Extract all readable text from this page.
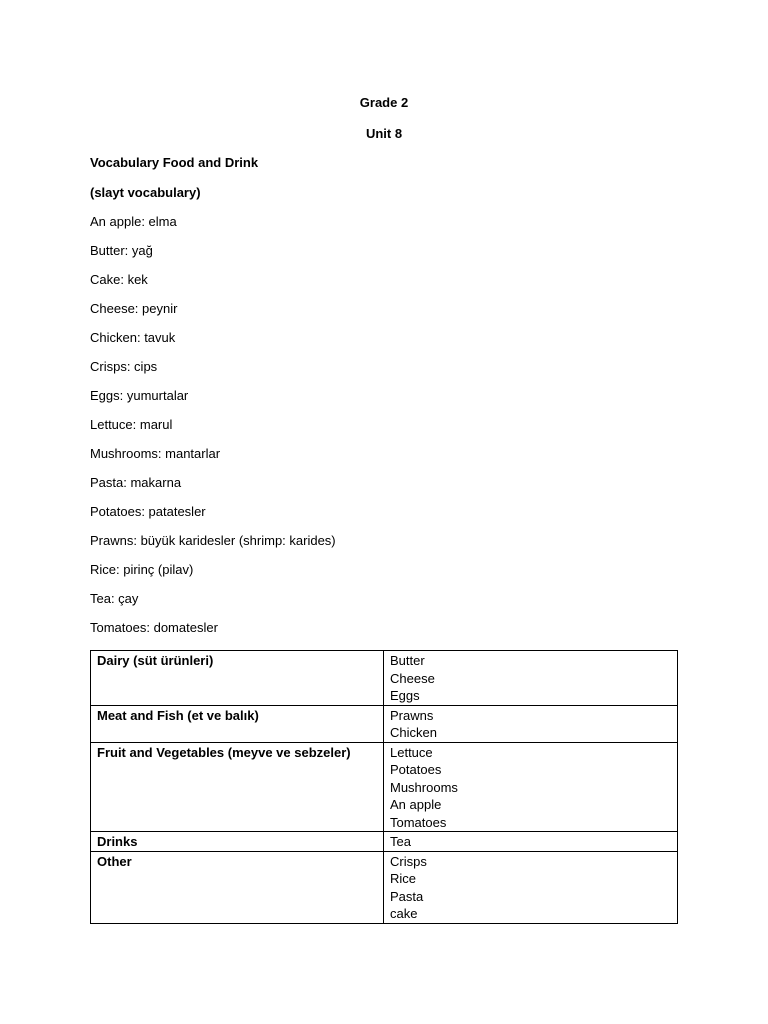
Grade 2
Unit 8
Vocabulary Food and Drink
(slayt vocabulary)
An apple: elma
Butter: yağ
Cake: kek
Cheese: peynir
Chicken: tavuk
Crisps: cips
Eggs: yumurtalar
Lettuce: marul
Mushrooms: mantarlar
Pasta: makarna
Potatoes: patatesler
Prawns: büyük karidesler (shrimp: karides)
Rice: pirinç (pilav)
Tea: çay
Tomatoes: domatesler
Dairy (süt ürünleri)	Butter
Cheese
Eggs

Meat and Fish (et ve balık)	Prawns
Chicken

Fruit and Vegetables (meyve ve sebzeler)	Lettuce
Potatoes
Mushrooms
An apple
Tomatoes

Drinks	Tea

Other	Crisps
Rice
Pasta
cake
